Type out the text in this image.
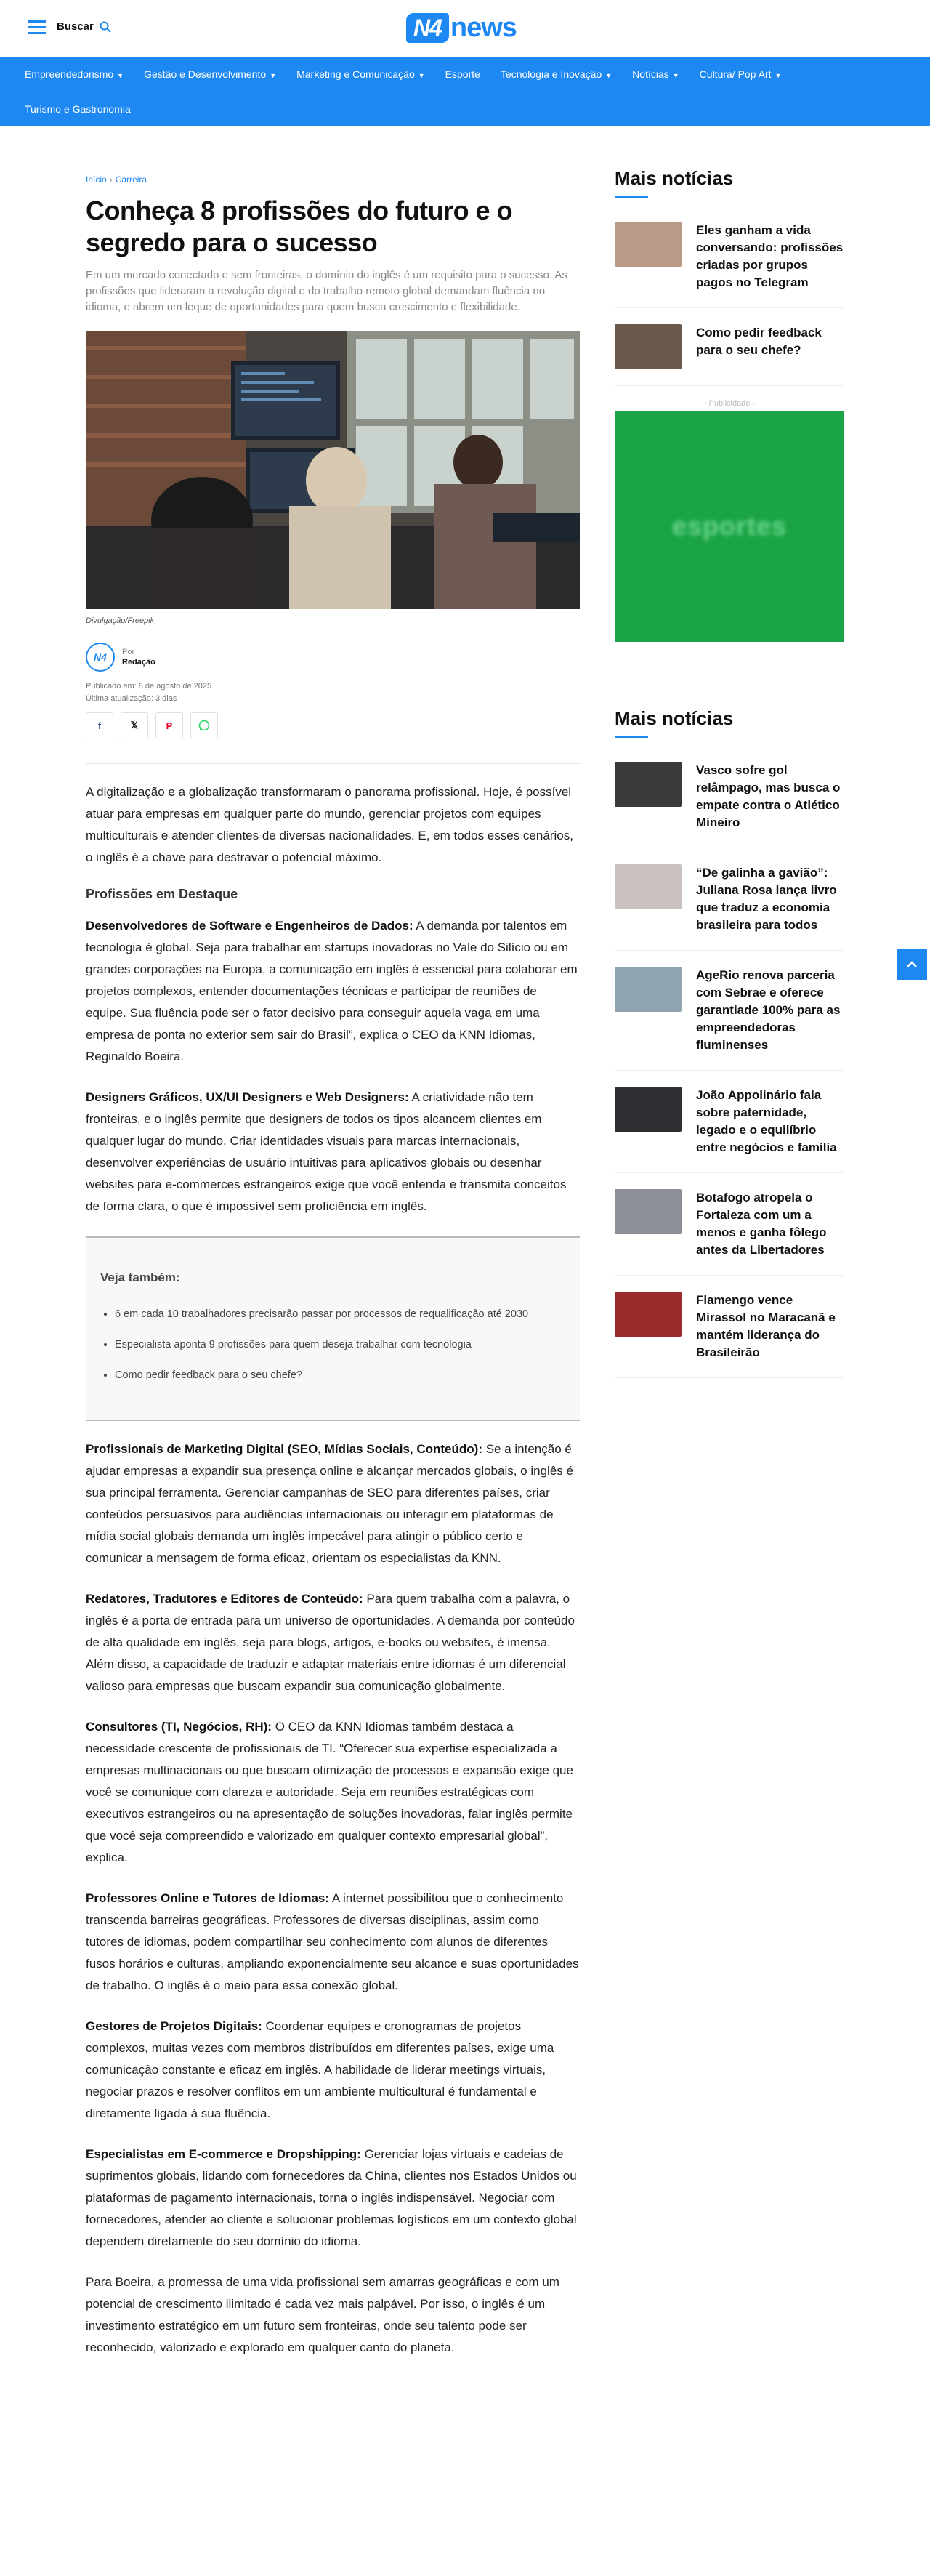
Buscar	N4 news
Empreendedorismo ▼	Gestão e Desenvolvimento ▼	Marketing e Comunicação ▼	Esporte	Tecnologia e Inovação ▼	Notícias ▼	Cultura/ Pop Art ▼
Turismo e Gastronomia
Início › Carreira
Conheça 8 profissões do futuro e o segredo para o sucesso

Em um mercado conectado e sem fronteiras, o domínio do inglês é um requisito para o sucesso. As profissões que lideraram a revolução digital e do trabalho remoto global demandam fluência no idioma, e abrem um leque de oportunidades para quem busca crescimento e flexibilidade.

Divulgação/Freepik
N4	Por
Redação
Publicado em: 8 de agosto de 2025
Última atualização: 3 dias
f	𝕏	P

A digitalização e a globalização transformaram o panorama profissional. Hoje, é possível atuar para empresas em qualquer parte do mundo, gerenciar projetos com equipes multiculturais e atender clientes de diversas nacionalidades. E, em todos esses cenários, o inglês é a chave para destravar o potencial máximo.

Profissões em Destaque

Desenvolvedores de Software e Engenheiros de Dados: A demanda por talentos em tecnologia é global. Seja para trabalhar em startups inovadoras no Vale do Silício ou em grandes corporações na Europa, a comunicação em inglês é essencial para colaborar em projetos complexos, entender documentações técnicas e participar de reuniões de equipe. Sua fluência pode ser o fator decisivo para conseguir aquela vaga em uma empresa de ponta no exterior sem sair do Brasil”, explica o CEO da KNN Idiomas, Reginaldo Boeira.

Designers Gráficos, UX/UI Designers e Web Designers: A criatividade não tem fronteiras, e o inglês permite que designers de todos os tipos alcancem clientes em qualquer lugar do mundo. Criar identidades visuais para marcas internacionais, desenvolver experiências de usuário intuitivas para aplicativos globais ou desenhar websites para e-commerces estrangeiros exige que você entenda e transmita conceitos de forma clara, o que é impossível sem proficiência em inglês.

Veja também:
• 6 em cada 10 trabalhadores precisarão passar por processos de requalificação até 2030
• Especialista aponta 9 profissões para quem deseja trabalhar com tecnologia
• Como pedir feedback para o seu chefe?

Profissionais de Marketing Digital (SEO, Mídias Sociais, Conteúdo): Se a intenção é ajudar empresas a expandir sua presença online e alcançar mercados globais, o inglês é sua principal ferramenta. Gerenciar campanhas de SEO para diferentes países, criar conteúdos persuasivos para audiências internacionais ou interagir em plataformas de mídia social globais demanda um inglês impecável para atingir o público certo e comunicar a mensagem de forma eficaz, orientam os especialistas da KNN.

Redatores, Tradutores e Editores de Conteúdo: Para quem trabalha com a palavra, o inglês é a porta de entrada para um universo de oportunidades. A demanda por conteúdo de alta qualidade em inglês, seja para blogs, artigos, e-books ou websites, é imensa. Além disso, a capacidade de traduzir e adaptar materiais entre idiomas é um diferencial valioso para empresas que buscam expandir sua comunicação globalmente.

Consultores (TI, Negócios, RH): O CEO da KNN Idiomas também destaca a necessidade crescente de profissionais de TI. “Oferecer sua expertise especializada a empresas multinacionais ou que buscam otimização de processos e expansão exige que você se comunique com clareza e autoridade. Seja em reuniões estratégicas com executivos estrangeiros ou na apresentação de soluções inovadoras, falar inglês permite que você seja compreendido e valorizado em qualquer contexto empresarial global”, explica.

Professores Online e Tutores de Idiomas: A internet possibilitou que o conhecimento transcenda barreiras geográficas. Professores de diversas disciplinas, assim como tutores de idiomas, podem compartilhar seu conhecimento com alunos de diferentes fusos horários e culturas, ampliando exponencialmente seu alcance e suas oportunidades de trabalho. O inglês é o meio para essa conexão global.

Gestores de Projetos Digitais: Coordenar equipes e cronogramas de projetos complexos, muitas vezes com membros distribuídos em diferentes países, exige uma comunicação constante e eficaz em inglês. A habilidade de liderar meetings virtuais, negociar prazos e resolver conflitos em um ambiente multicultural é fundamental e diretamente ligada à sua fluência.

Especialistas em E-commerce e Dropshipping: Gerenciar lojas virtuais e cadeias de suprimentos globais, lidando com fornecedores da China, clientes nos Estados Unidos ou plataformas de pagamento internacionais, torna o inglês indispensável. Negociar com fornecedores, atender ao cliente e solucionar problemas logísticos em um contexto global dependem diretamente do seu domínio do idioma.

Para Boeira, a promessa de uma vida profissional sem amarras geográficas e com um potencial de crescimento ilimitado é cada vez mais palpável. Por isso, o inglês é um investimento estratégico em um futuro sem fronteiras, onde seu talento pode ser reconhecido, valorizado e explorado em qualquer canto do planeta.

Mais notícias
Eles ganham a vida conversando: profissões criadas por grupos pagos no Telegram
Como pedir feedback para o seu chefe?
- Publicidade -
esportes
Mais notícias
Vasco sofre gol relâmpago, mas busca o empate contra o Atlético Mineiro
“De galinha a gavião”: Juliana Rosa lança livro que traduz a economia brasileira para todos
AgeRio renova parceria com Sebrae e oferece garantiade 100% para as empreendedoras fluminenses
João Appolinário fala sobre paternidade, legado e o equilíbrio entre negócios e família
Botafogo atropela o Fortaleza com um a menos e ganha fôlego antes da Libertadores
Flamengo vence Mirassol no Maracanã e mantém liderança do Brasileirão
